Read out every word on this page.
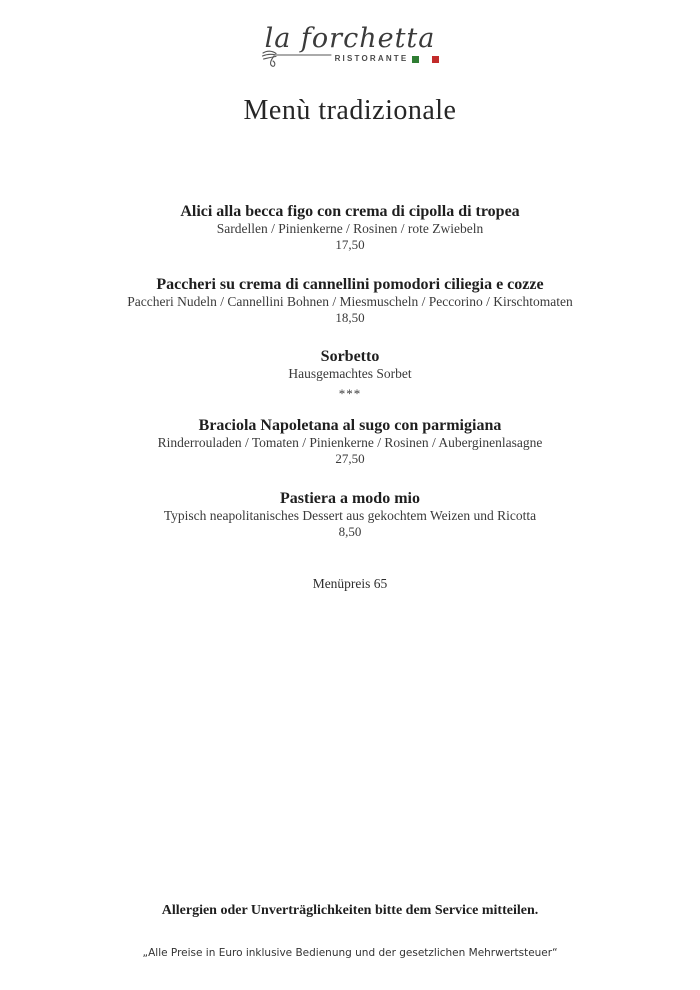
la forchetta
RISTORANTE
Menù tradizionale
Alici alla becca figo con crema di cipolla di tropea
Sardellen / Pinienkerne / Rosinen / rote Zwiebeln
17,50
Paccheri su crema di cannellini pomodori ciliegia e cozze
Paccheri Nudeln / Cannellini Bohnen / Miesmuscheln / Peccorino / Kirschtomaten
18,50
Sorbetto
Hausgemachtes Sorbet
***
Braciola Napoletana al sugo con parmigiana
Rinderrouladen / Tomaten / Pinienkerne / Rosinen / Auberginenlasagne
27,50
Pastiera a modo mio
Typisch neapolitanisches Dessert aus gekochtem Weizen und Ricotta
8,50
Menüpreis 65
Allergien oder Unverträglichkeiten bitte dem Service mitteilen.
„Alle Preise in Euro inklusive Bedienung und der gesetzlichen Mehrwertsteuer“
